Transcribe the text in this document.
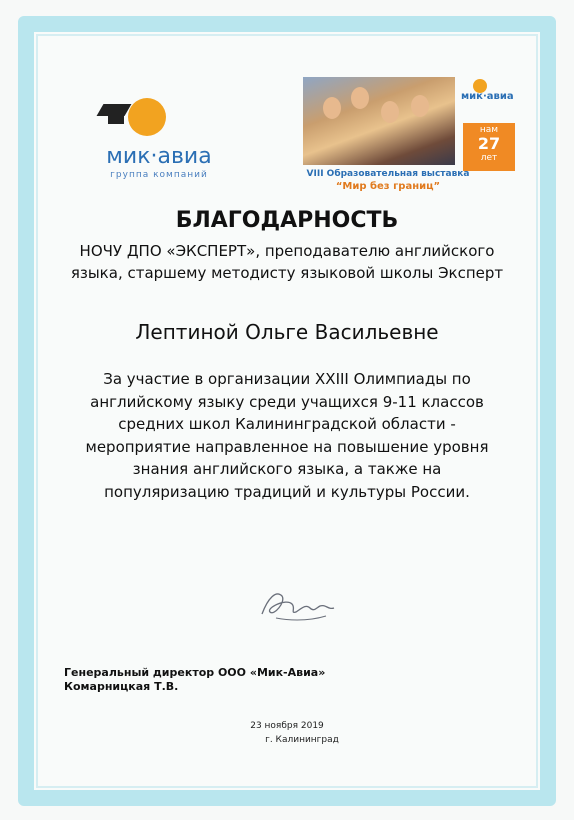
мик·авиа
группа компаний
мик·авиа
нам
27
лет
VIII Образовательная выставка
“Мир без границ”
БЛАГОДАРНОСТЬ
НОЧУ ДПО «ЭКСПЕРТ», преподавателю английского языка, старшему методисту языковой школы Эксперт
Лептиной Ольге Васильевне
За участие в организации XXIII Олимпиады по английскому языку среди учащихся 9-11 классов средних школ Калининградской области - мероприятие направленное на повышение уровня знания английского языка, а также на популяризацию традиций и культуры России.
Генеральный директор ООО «Мик-Авиа»
Комарницкая Т.В.
23 ноября 2019
г. Калининград
